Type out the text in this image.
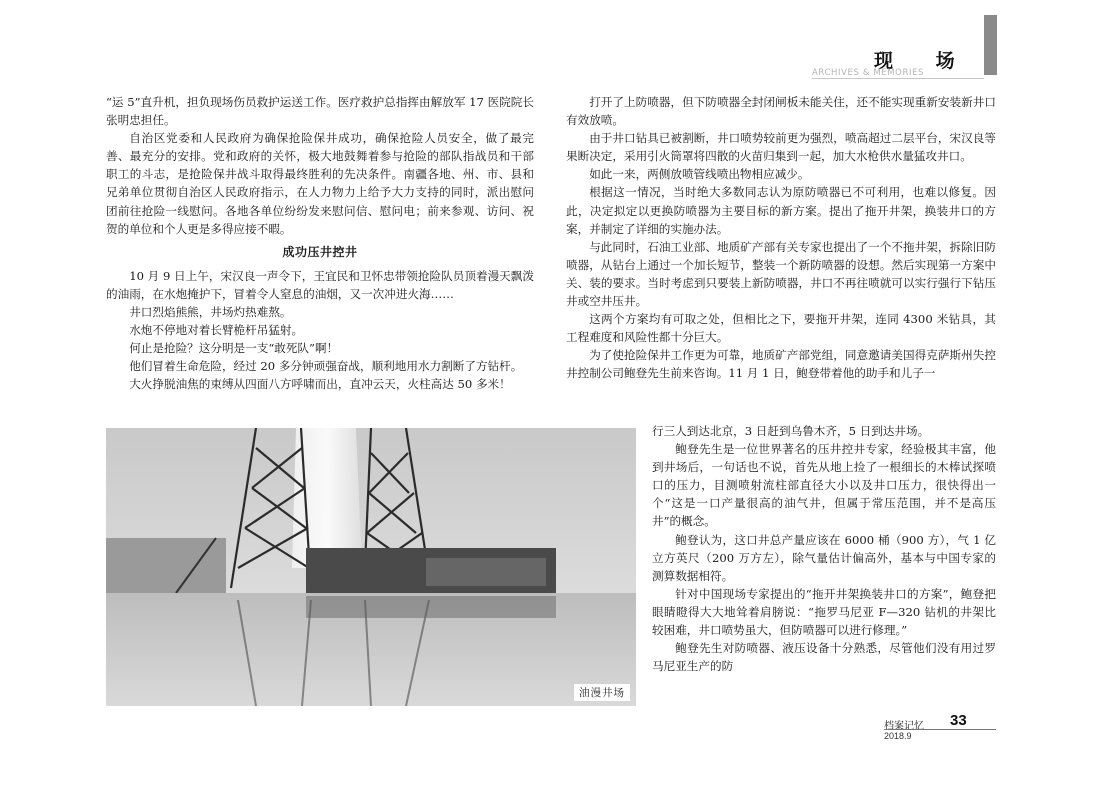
现 场
ARCHIVES & MEMORIES

“运 5”直升机，担负现场伤员救护运送工作。医疗救护总指挥由解放军 17 医院院长张明忠担任。

自治区党委和人民政府为确保抢险保井成功，确保抢险人员安全，做了最完善、最充分的安排。党和政府的关怀，极大地鼓舞着参与抢险的部队指战员和干部职工的斗志，是抢险保井战斗取得最终胜利的先决条件。南疆各地、州、市、县和兄弟单位贯彻自治区人民政府指示，在人力物力上给予大力支持的同时，派出慰问团前往抢险一线慰问。各地各单位纷纷发来慰问信、慰问电；前来参观、访问、祝贺的单位和个人更是多得应接不暇。

成功压井控井

10 月 9 日上午，宋汉良一声令下，王宜民和卫怀忠带领抢险队员顶着漫天飘泼的油雨，在水炮掩护下，冒着令人窒息的油烟，又一次冲进火海……

井口烈焰熊熊，井场灼热难熬。

水炮不停地对着长臂桅杆吊猛射。

何止是抢险？这分明是一支“敢死队”啊！

他们冒着生命危险，经过 20 多分钟顽强奋战，顺利地用水力割断了方钻杆。

大火挣脱油焦的束缚从四面八方呼啸而出，直冲云天，火柱高达 50 多米！

打开了上防喷器，但下防喷器全封闭闸板未能关住，还不能实现重新安装新井口有效放喷。

由于井口钻具已被割断，井口喷势较前更为强烈，喷高超过二层平台，宋汉良等果断决定，采用引火筒罩将四散的火苗归集到一起，加大水枪供水量猛攻井口。

如此一来，两侧放喷管线喷出物相应减少。

根据这一情况，当时绝大多数同志认为原防喷器已不可利用，也难以修复。因此，决定拟定以更换防喷器为主要目标的新方案。提出了拖开井架，换装井口的方案，并制定了详细的实施办法。

与此同时，石油工业部、地质矿产部有关专家也提出了一个不拖井架，拆除旧防喷器，从钻台上通过一个加长短节，整装一个新防喷器的设想。然后实现第一方案中关、装的要求。当时考虑到只要装上新防喷器，井口不再往喷就可以实行强行下钻压井或空井压井。

这两个方案均有可取之处，但相比之下，要拖开井架，连同 4300 米钻具，其工程难度和风险性都十分巨大。

为了使抢险保井工作更为可靠，地质矿产部党组，同意邀请美国得克萨斯州失控井控制公司鲍登先生前来咨询。11 月 1 日，鲍登带着他的助手和儿子一

行三人到达北京，3 日赶到乌鲁木齐，5 日到达井场。

鲍登先生是一位世界著名的压井控井专家，经验极其丰富，他到井场后，一句话也不说，首先从地上捡了一根细长的木棒试探喷口的压力，目测喷射流柱部直径大小以及井口压力，很快得出一个“这是一口产量很高的油气井，但属于常压范围，并不是高压井”的概念。

鲍登认为，这口井总产量应该在 6000 桶（900 方），气 1 亿立方英尺（200 万方左），除气量估计偏高外，基本与中国专家的测算数据相符。

针对中国现场专家提出的“拖开井架换装井口的方案”，鲍登把眼睛瞪得大大地耸着肩膀说：“拖罗马尼亚 F—320 钻机的井架比较困难，井口喷势虽大，但防喷器可以进行修理。”

鲍登先生对防喷器、液压设备十分熟悉，尽管他们没有用过罗马尼亚生产的防

油漫井场
档案记忆 33
2018.9
